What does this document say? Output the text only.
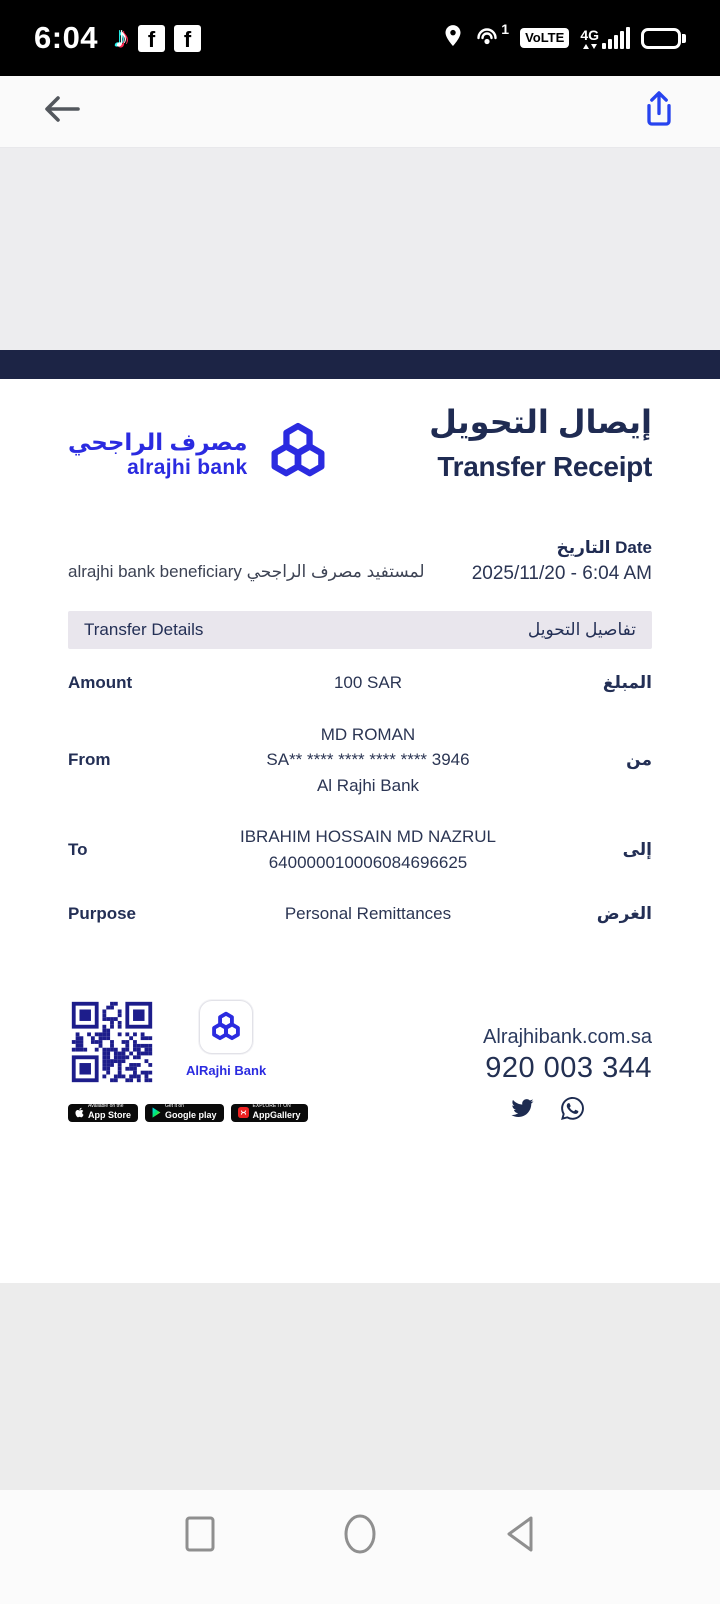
6:04 ♪ f	f	1
VoLTE	4G
مصرف الراجحي
alrajhi bank
إيصال التحويل
Transfer Receipt
alrajhi bank beneficiary لمستفيد مصرف الراجحي
التاريخ Date
2025/11/20 - 6:04 AM
Transfer Details	تفاصيل التحويل
Amount	100 SAR	المبلغ
From
MD ROMAN
SA** **** **** **** **** 3946
Al Rajhi Bank
من
To
IBRAHIM HOSSAIN MD NAZRUL
640000010006084696625
إلى
Purpose	Personal Remittances	الغرض
AlRajhi Bank
Available on the
App Store
Get it on
Google play
EXPLORE IT ON
AppGallery
Alrajhibank.com.sa
920 003 344
